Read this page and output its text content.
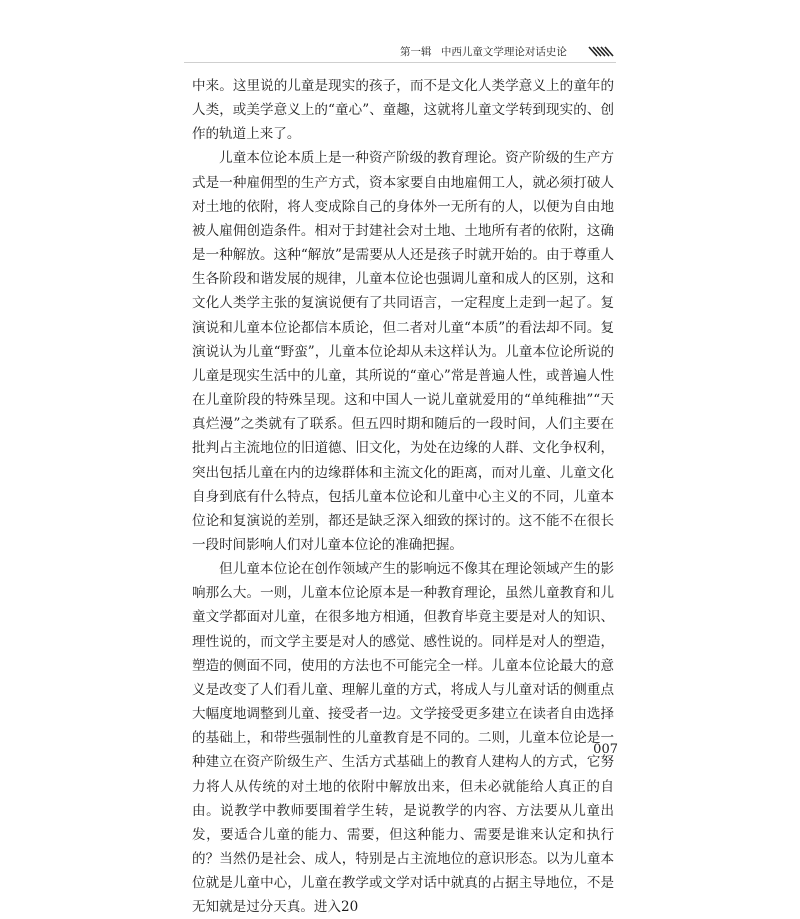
第一辑 中西儿童文学理论对话史论

中来。这里说的儿童是现实的孩子，而不是文化人类学意义上的童年的人类，或美学意义上的“童心”、童趣，这就将儿童文学转到现实的、创作的轨道上来了。

儿童本位论本质上是一种资产阶级的教育理论。资产阶级的生产方式是一种雇佣型的生产方式，资本家要自由地雇佣工人，就必须打破人对土地的依附，将人变成除自己的身体外一无所有的人，以便为自由地被人雇佣创造条件。相对于封建社会对土地、土地所有者的依附，这确是一种解放。这种“解放”是需要从人还是孩子时就开始的。由于尊重人生各阶段和谐发展的规律，儿童本位论也强调儿童和成人的区别，这和文化人类学主张的复演说便有了共同语言，一定程度上走到一起了。复演说和儿童本位论都信本质论，但二者对儿童“本质”的看法却不同。复演说认为儿童“野蛮”，儿童本位论却从未这样认为。儿童本位论所说的儿童是现实生活中的儿童，其所说的“童心”常是普遍人性，或普遍人性在儿童阶段的特殊呈现。这和中国人一说儿童就爱用的“单纯稚拙”“天真烂漫”之类就有了联系。但五四时期和随后的一段时间，人们主要在批判占主流地位的旧道德、旧文化，为处在边缘的人群、文化争权利，突出包括儿童在内的边缘群体和主流文化的距离，而对儿童、儿童文化自身到底有什么特点，包括儿童本位论和儿童中心主义的不同，儿童本位论和复演说的差别，都还是缺乏深入细致的探讨的。这不能不在很长一段时间影响人们对儿童本位论的准确把握。

但儿童本位论在创作领域产生的影响远不像其在理论领域产生的影响那么大。一则，儿童本位论原本是一种教育理论，虽然儿童教育和儿童文学都面对儿童，在很多地方相通，但教育毕竟主要是对人的知识、理性说的，而文学主要是对人的感觉、感性说的。同样是对人的塑造，塑造的侧面不同，使用的方法也不可能完全一样。儿童本位论最大的意义是改变了人们看儿童、理解儿童的方式，将成人与儿童对话的侧重点大幅度地调整到儿童、接受者一边。文学接受更多建立在读者自由选择的基础上，和带些强制性的儿童教育是不同的。二则，儿童本位论是一种建立在资产阶级生产、生活方式基础上的教育人建构人的方式，它努力将人从传统的对土地的依附中解放出来，但未必就能给人真正的自由。说教学中教师要围着学生转，是说教学的内容、方法要从儿童出发，要适合儿童的能力、需要，但这种能力、需要是谁来认定和执行的？当然仍是社会、成人，特别是占主流地位的意识形态。以为儿童本位就是儿童中心，儿童在教学或文学对话中就真的占据主导地位，不是无知就是过分天真。进入20

007
